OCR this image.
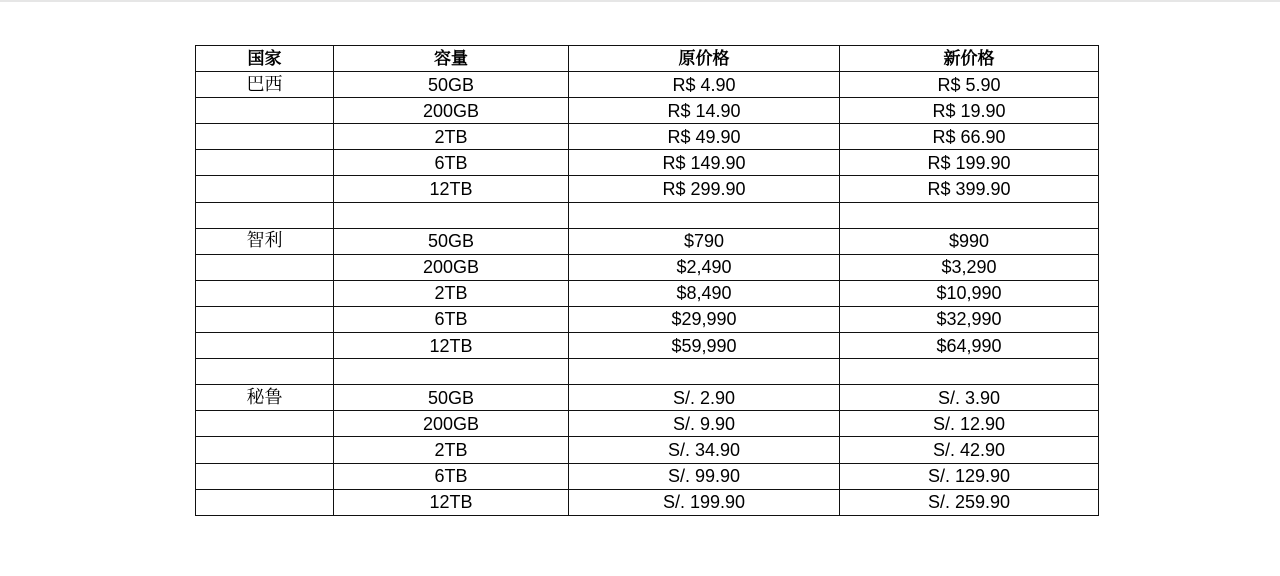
国家	容量	原价格	新价格
巴西	50GB	R$ 4.90	R$ 5.90
	200GB	R$ 14.90	R$ 19.90
	2TB	R$ 49.90	R$ 66.90
	6TB	R$ 149.90	R$ 199.90
	12TB	R$ 299.90	R$ 399.90

智利	50GB	$790	$990
	200GB	$2,490	$3,290
	2TB	$8,490	$10,990
	6TB	$29,990	$32,990
	12TB	$59,990	$64,990

秘鲁	50GB	S/. 2.90	S/. 3.90
	200GB	S/. 9.90	S/. 12.90
	2TB	S/. 34.90	S/. 42.90
	6TB	S/. 99.90	S/. 129.90
	12TB	S/. 199.90	S/. 259.90
